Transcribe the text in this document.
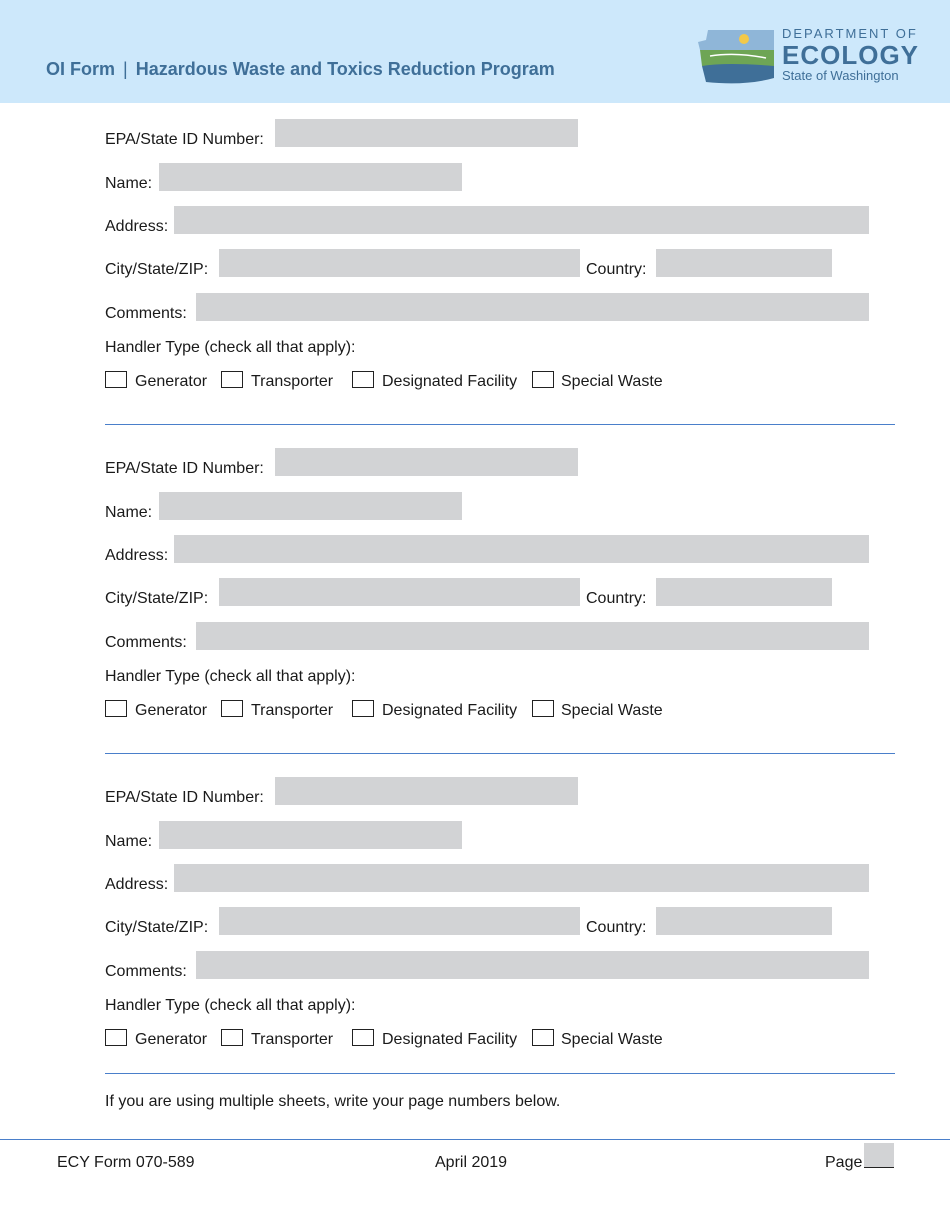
OI Form | Hazardous Waste and Toxics Reduction Program
DEPARTMENT OF
ECOLOGY
State of Washington
EPA/State ID Number:
Name:
Address:
City/State/ZIP:	Country:
Comments:
Handler Type (check all that apply):
Generator	Transporter	Designated Facility	Special Waste
EPA/State ID Number:
Name:
Address:
City/State/ZIP:	Country:
Comments:
Handler Type (check all that apply):
Generator	Transporter	Designated Facility	Special Waste
EPA/State ID Number:
Name:
Address:
City/State/ZIP:	Country:
Comments:
Handler Type (check all that apply):
Generator	Transporter	Designated Facility	Special Waste
If you are using multiple sheets, write your page numbers below.
ECY Form 070-589	April 2019	Page
